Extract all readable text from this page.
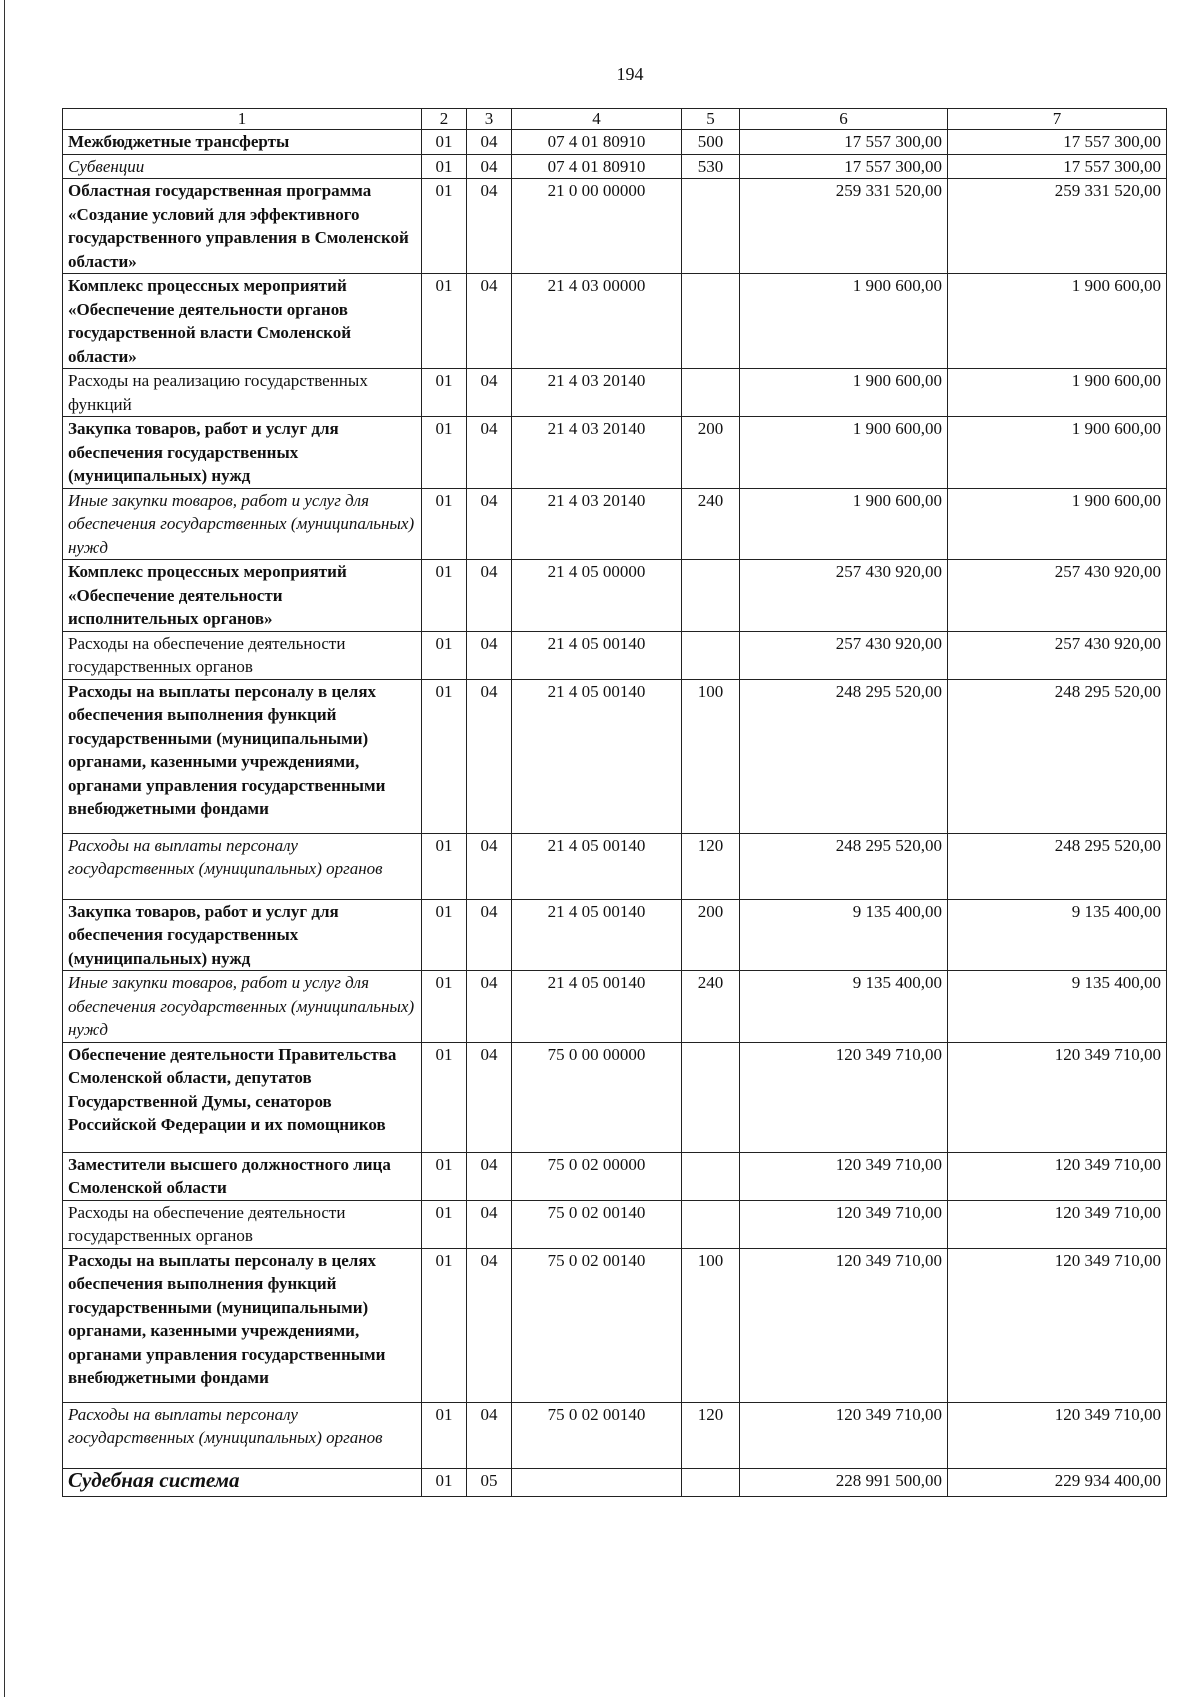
194
1	2	3	4	5	6	7
Межбюджетные трансферты	01	04	07 4 01 80910	500	17 557 300,00	17 557 300,00
Субвенции	01	04	07 4 01 80910	530	17 557 300,00	17 557 300,00
Областная государственная программа «Создание условий для эффективного государственного управления в Смоленской области»	01	04	21 0 00 00000		259 331 520,00	259 331 520,00
Комплекс процессных мероприятий «Обеспечение деятельности органов государственной власти Смоленской области»	01	04	21 4 03 00000		1 900 600,00	1 900 600,00
Расходы на реализацию государственных функций	01	04	21 4 03 20140		1 900 600,00	1 900 600,00
Закупка товаров, работ и услуг для обеспечения государственных (муниципальных) нужд	01	04	21 4 03 20140	200	1 900 600,00	1 900 600,00
Иные закупки товаров, работ и услуг для обеспечения государственных (муниципальных) нужд	01	04	21 4 03 20140	240	1 900 600,00	1 900 600,00
Комплекс процессных мероприятий «Обеспечение деятельности исполнительных органов»	01	04	21 4 05 00000		257 430 920,00	257 430 920,00
Расходы на обеспечение деятельности государственных органов	01	04	21 4 05 00140		257 430 920,00	257 430 920,00
Расходы на выплаты персоналу в целях обеспечения выполнения функций государственными (муниципальными) органами, казенными учреждениями, органами управления государственными внебюджетными фондами	01	04	21 4 05 00140	100	248 295 520,00	248 295 520,00
Расходы на выплаты персоналу государственных (муниципальных) органов	01	04	21 4 05 00140	120	248 295 520,00	248 295 520,00
Закупка товаров, работ и услуг для обеспечения государственных (муниципальных) нужд	01	04	21 4 05 00140	200	9 135 400,00	9 135 400,00
Иные закупки товаров, работ и услуг для обеспечения государственных (муниципальных) нужд	01	04	21 4 05 00140	240	9 135 400,00	9 135 400,00
Обеспечение деятельности Правительства Смоленской области, депутатов Государственной Думы, сенаторов Российской Федерации и их помощников	01	04	75 0 00 00000		120 349 710,00	120 349 710,00
Заместители высшего должностного лица Смоленской области	01	04	75 0 02 00000		120 349 710,00	120 349 710,00
Расходы на обеспечение деятельности государственных органов	01	04	75 0 02 00140		120 349 710,00	120 349 710,00
Расходы на выплаты персоналу в целях обеспечения выполнения функций государственными (муниципальными) органами, казенными учреждениями, органами управления государственными внебюджетными фондами	01	04	75 0 02 00140	100	120 349 710,00	120 349 710,00
Расходы на выплаты персоналу государственных (муниципальных) органов	01	04	75 0 02 00140	120	120 349 710,00	120 349 710,00
Судебная система	01	05			228 991 500,00	229 934 400,00
